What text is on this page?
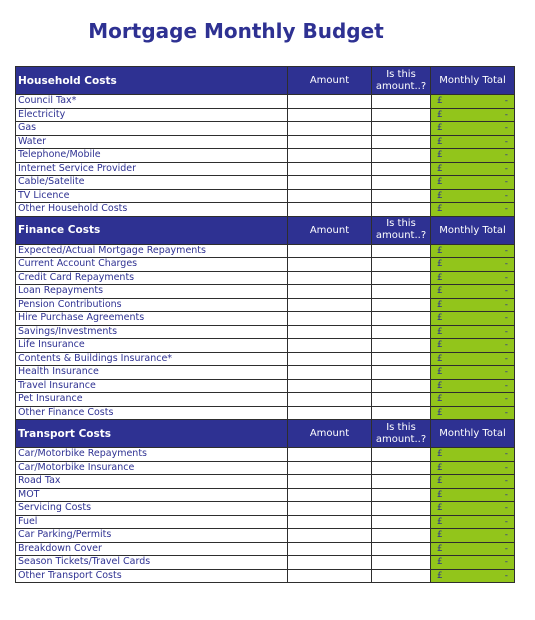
Mortgage Monthly Budget
Household Costs	Amount	Is this amount..?	Monthly Total
Council Tax*			£ -

Electricity			£ -

Gas			£ -

Water			£ -

Telephone/Mobile			£ -

Internet Service Provider			£ -

Cable/Satelite			£ -

TV Licence			£ -

Other Household Costs			£ -

Finance Costs	Amount	Is this amount..?	Monthly Total
Expected/Actual Mortgage Repayments			£ -

Current Account Charges			£ -

Credit Card Repayments			£ -

Loan Repayments			£ -

Pension Contributions			£ -

Hire Purchase Agreements			£ -

Savings/Investments			£ -

Life Insurance			£ -

Contents & Buildings Insurance*			£ -

Health Insurance			£ -

Travel Insurance			£ -

Pet Insurance			£ -

Other Finance Costs			£ -

Transport Costs	Amount	Is this amount..?	Monthly Total
Car/Motorbike Repayments			£ -

Car/Motorbike Insurance			£ -

Road Tax			£ -

MOT			£ -

Servicing Costs			£ -

Fuel			£ -

Car Parking/Permits			£ -

Breakdown Cover			£ -

Season Tickets/Travel Cards			£ -

Other Transport Costs			£ -
